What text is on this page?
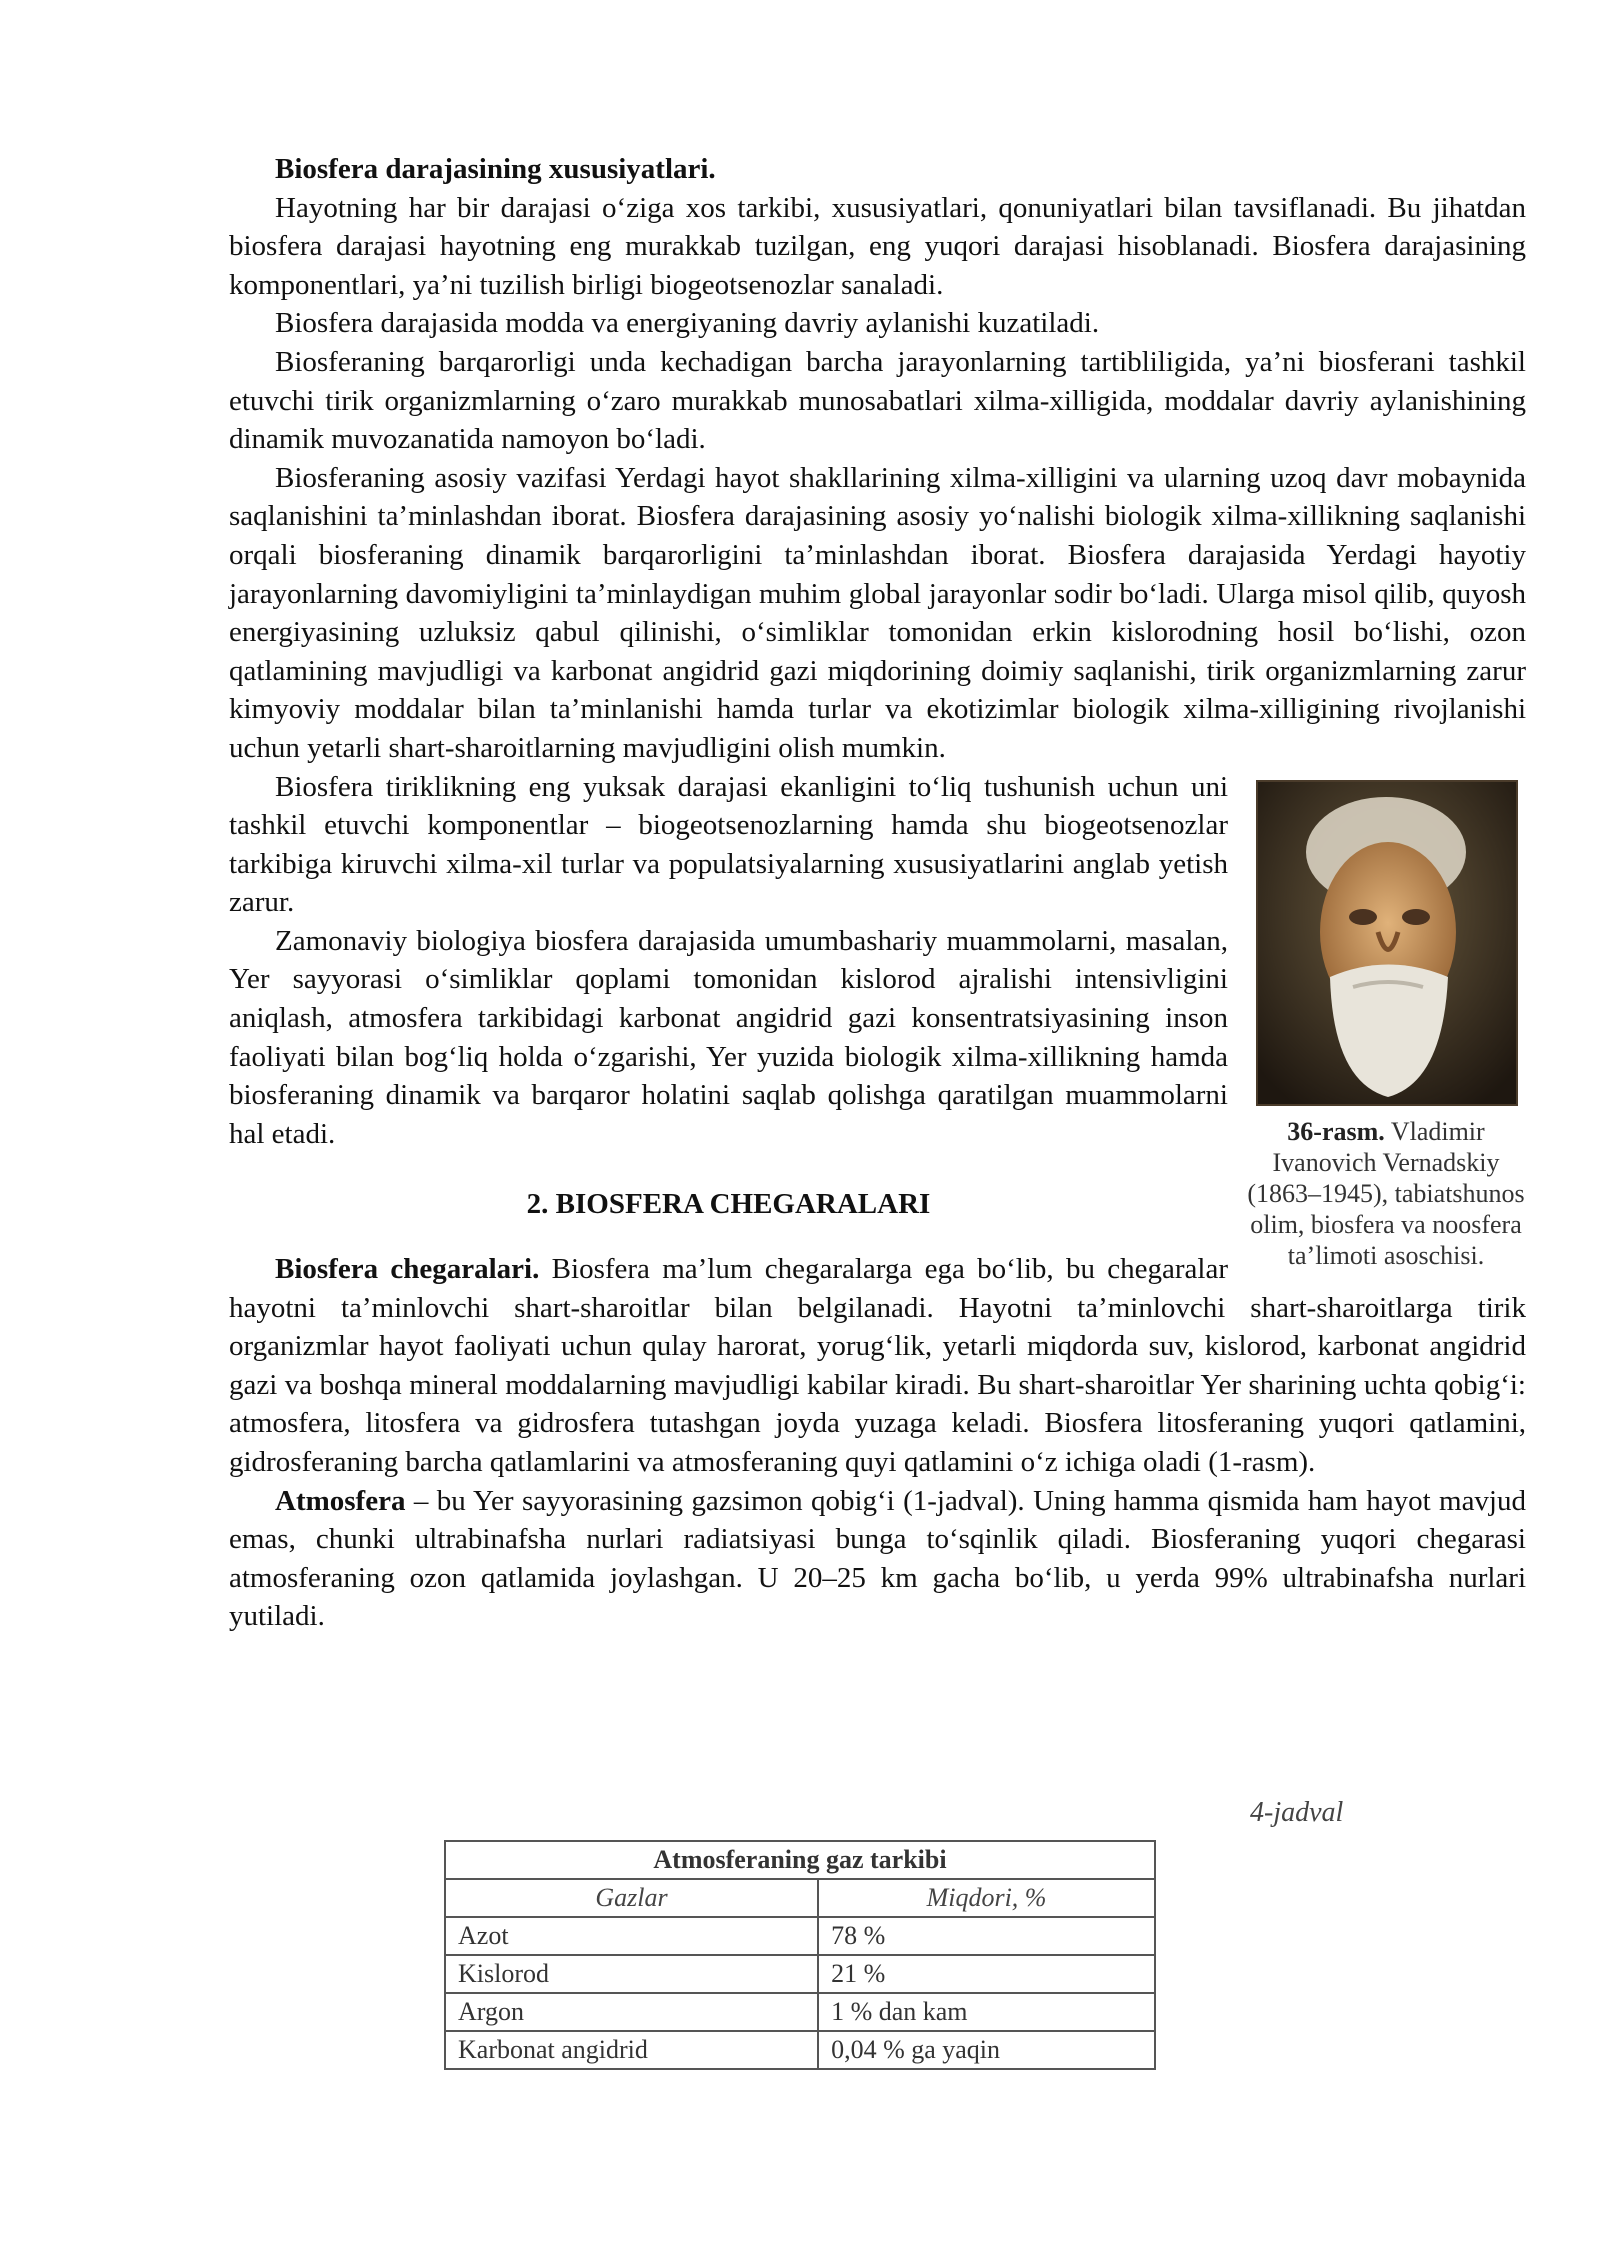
Biosfera darajasining xususiyatlari.

Hayotning har bir darajasi o‘ziga xos tarkibi, xususiyatlari, qonuniyatlari bilan tavsiflanadi. Bu jihatdan biosfera darajasi hayotning eng murakkab tuzilgan, eng yuqori darajasi hisoblanadi. Biosfera darajasining komponentlari, ya’ni tuzilish birligi biogeotsenozlar sanaladi.

Biosfera darajasida modda va energiyaning davriy aylanishi kuzatiladi.

Biosferaning barqarorligi unda kechadigan barcha jarayonlarning tartibliligida, ya’ni biosferani tashkil etuvchi tirik organizmlarning o‘zaro murakkab munosabatlari xilma-xilligida, moddalar davriy aylanishining dinamik muvozanatida namoyon bo‘ladi.

Biosferaning asosiy vazifasi Yerdagi hayot shakllarining xilma-xilligini va ularning uzoq davr mobaynida saqlanishini ta’minlashdan iborat. Biosfera darajasining asosiy yo‘nalishi biologik xilma-xillikning saqlanishi orqali biosferaning dinamik barqarorligini ta’minlashdan iborat. Biosfera darajasida Yerdagi hayotiy jarayonlarning davomiyligini ta’minlaydigan muhim global jarayonlar sodir bo‘ladi. Ularga misol qilib, quyosh energiyasining uzluksiz qabul qilinishi, o‘simliklar tomonidan erkin kislorodning hosil bo‘lishi, ozon qatlamining mavjudligi va karbonat angidrid gazi miqdorining doimiy saqlanishi, tirik organizmlarning zarur kimyoviy moddalar bilan ta’minlanishi hamda turlar va ekotizimlar biologik xilma-xilligining rivojlanishi uchun yetarli shart-sharoitlarning mavjudligini olish mumkin.

36-rasm. Vladimir Ivanovich Vernadskiy (1863–1945), tabiatshunos olim, biosfera va noosfera ta’limoti asoschisi.

Biosfera tiriklikning eng yuksak darajasi ekanligini to‘liq tushunish uchun uni tashkil etuvchi komponentlar – biogeotsenozlarning hamda shu biogeotsenozlar tarkibiga kiruvchi xilma-xil turlar va populatsiyalarning xususiyatlarini anglab yetish zarur.

Zamonaviy biologiya biosfera darajasida umumbashariy muammolarni, masalan, Yer sayyorasi o‘simliklar qoplami tomonidan kislorod ajralishi intensivligini aniqlash, atmosfera tarkibidagi karbonat angidrid gazi konsentratsiyasining inson faoliyati bilan bog‘liq holda o‘zgarishi, Yer yuzida biologik xilma-xillikning hamda biosferaning dinamik va barqaror holatini saqlab qolishga qaratilgan muammolarni hal etadi.

2. BIOSFERA CHEGARALARI

Biosfera chegaralari. Biosfera ma’lum chegaralarga ega bo‘lib, bu chegaralar hayotni ta’minlovchi shart-sharoitlar bilan belgilanadi. Hayotni ta’minlovchi shart-sharoitlarga tirik organizmlar hayot faoliyati uchun qulay harorat, yorug‘lik, yetarli miqdorda suv, kislorod, karbonat angidrid gazi va boshqa mineral moddalarning mavjudligi kabilar kiradi. Bu shart-sharoitlar Yer sharining uchta qobig‘i: atmosfera, litosfera va gidrosfera tutashgan joyda yuzaga keladi. Biosfera litosferaning yuqori qatlamini, gidrosferaning barcha qatlamlarini va atmosferaning quyi qatlamini o‘z ichiga oladi (1-rasm).

Atmosfera – bu Yer sayyorasining gazsimon qobig‘i (1-jadval). Uning hamma qismida ham hayot mavjud emas, chunki ultrabinafsha nurlari radiatsiyasi bunga to‘sqinlik qiladi. Biosferaning yuqori chegarasi atmosferaning ozon qatlamida joylashgan. U 20–25 km gacha bo‘lib, u yerda 99% ultrabinafsha nurlari yutiladi.

4-jadval
Atmosferaning gaz tarkibi	
Gazlar	Miqdori, %
Azot	78 %
Kislorod	21 %
Argon	1 % dan kam
Karbonat angidrid	0,04 % ga yaqin
